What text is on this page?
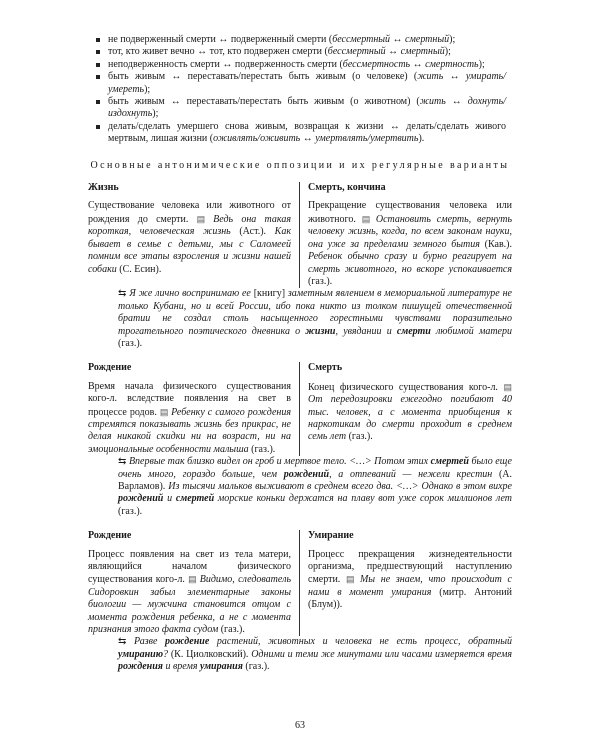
не подверженный смерти ↔ подверженный смерти (бессмертный ↔ смертный);
тот, кто живет вечно ↔ тот, кто подвержен смерти (бессмертный ↔ смертный);
неподверженность смерти ↔ подверженность смерти (бессмертность ↔ смертность);
быть живым ↔ переставать/перестать быть живым (о человеке) (жить ↔ умирать/умереть);
быть живым ↔ переставать/перестать быть живым (о животном) (жить ↔ дохнуть/издохнуть);
делать/сделать умершего снова живым, возвращая к жизни ↔ делать/сделать живого мертвым, лишая жизни (оживлять/оживить ↔ умертвлять/умертвить).
Основные антонимические оппозиции и их регулярные варианты
Жизнь
Существование человека или животного от рождения до смерти. ▤ Ведь она такая короткая, человеческая жизнь (Аст.). Как бывает в семье с детьми, мы с Саломеей помним все этапы взросления и жизни нашей собаки (С. Есин).
Смерть, кончина
Прекращение существования человека или животного. ▤ Остановить смерть, вернуть человеку жизнь, когда, по всем законам науки, она уже за пределами земного бытия (Кав.). Ребенок обычно сразу и бурно реагирует на смерть животного, но вскоре успокаивается (газ.).
⇆ Я же лично воспринимаю ее [книгу] заметным явлением в мемориальной литературе не только Кубани, но и всей России, ибо пока никто из толком пишущей отечественной братии не создал столь насыщенного горестными чувствами поразительно трогательного поэтического дневника о жизни, увядании и смерти любимой матери (газ.).
Рождение
Время начала физического существования кого-л. вследствие появления на свет в процессе родов. ▤ Ребенку с самого рождения стремятся показывать жизнь без прикрас, не делая никакой скидки ни на возраст, ни на эмоциональные особенности малыша (газ.).
Смерть
Конец физического существования кого-л. ▤ От передозировки ежегодно погибают 40 тыс. человек, а с момента приобщения к наркотикам до смерти проходит в среднем семь лет (газ.).
⇆ Впервые так близко видел он гроб и мертвое тело. <…> Потом этих смертей было еще очень много, гораздо больше, чем рождений, а отпеваний — нежели крестин (А. Варламов). Из тысячи мальков выживают в среднем всего два. <…> Однако в этом вихре рождений и смертей морские коньки держатся на плаву вот уже сорок миллионов лет (газ.).
Рождение
Процесс появления на свет из тела матери, являющийся началом физического существования кого-л. ▤ Видимо, следователь Сидоровкин забыл элементарные законы биологии — мужчина становится отцом с момента рождения ребенка, а не с момента признания этого факта судом (газ.).
Умирание
Процесс прекращения жизнедеятельности организма, предшествующий наступлению смерти. ▤ Мы не знаем, что происходит с нами в момент умирания (митр. Антоний (Блум)).
⇆ Разве рождение растений, животных и человека не есть процесс, обратный умиранию? (К. Циолковский). Одними и теми же минутами или часами измеряется время рождения и время умирания (газ.).
63
